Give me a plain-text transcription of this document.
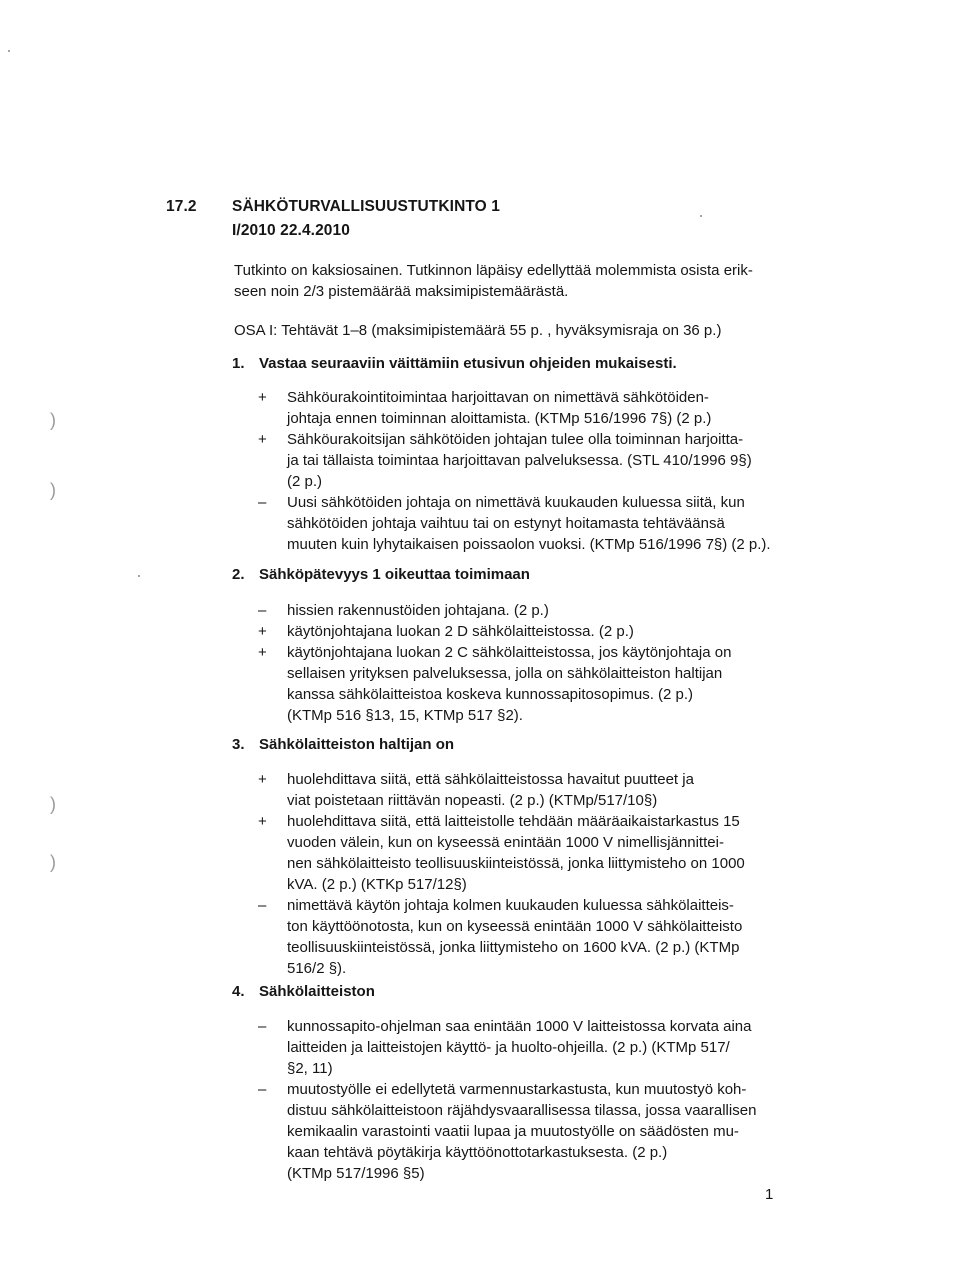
)
)
)
)
17.2 SÄHKÖTURVALLISUUSTUTKINTO 1
I/2010 22.4.2010

Tutkinto on kaksiosainen. Tutkinnon läpäisy edellyttää molemmista osista erik-

seen noin 2/3 pistemäärää maksimipistemäärästä.

OSA I: Tehtävät 1–8 (maksimipistemäärä 55 p. , hyväksymisraja on 36 p.)

1. Vastaa seuraaviin väittämiin etusivun ohjeiden mukaisesti.

+	Sähköurakointitoimintaa harjoittavan on nimettävä sähkötöiden-
johtaja ennen toiminnan aloittamista. (KTMp 516/1996 7§) (2 p.)
+	Sähköurakoitsijan sähkötöiden johtajan tulee olla toiminnan harjoitta-
ja tai tällaista toimintaa harjoittavan palveluksessa. (STL 410/1996 9§)
(2 p.)
–	Uusi sähkötöiden johtaja on nimettävä kuukauden kuluessa siitä, kun
sähkötöiden johtaja vaihtuu tai on estynyt hoitamasta tehtäväänsä
muuten kuin lyhytaikaisen poissaolon vuoksi. (KTMp 516/1996 7§) (2 p.).

2. Sähköpätevyys 1 oikeuttaa toimimaan

–	hissien rakennustöiden johtajana. (2 p.)
+	käytönjohtajana luokan 2 D sähkölaitteistossa. (2 p.)
+	käytönjohtajana luokan 2 C sähkölaitteistossa, jos käytönjohtaja on
sellaisen yrityksen palveluksessa, jolla on sähkölaitteiston haltijan
kanssa sähkölaitteistoa koskeva kunnossapitosopimus. (2 p.)
(KTMp 516 §13, 15, KTMp 517 §2).

3. Sähkölaitteiston haltijan on

+	huolehdittava siitä, että sähkölaitteistossa havaitut puutteet ja
viat poistetaan riittävän nopeasti. (2 p.) (KTMp/517/10§)
+	huolehdittava siitä, että laitteistolle tehdään määräaikaistarkastus 15
vuoden välein, kun on kyseessä enintään 1000 V nimellisjännittei-
nen sähkölaitteisto teollisuuskiinteistössä, jonka liittymisteho on 1000
kVA. (2 p.) (KTKp 517/12§)
–	nimettävä käytön johtaja kolmen kuukauden kuluessa sähkölaitteis-
ton käyttöönotosta, kun on kyseessä enintään 1000 V sähkölaitteisto
teollisuuskiinteistössä, jonka liittymisteho on 1600 kVA. (2 p.) (KTMp
516/2 §).

4. Sähkölaitteiston

–	kunnossapito-ohjelman saa enintään 1000 V laitteistossa korvata aina
laitteiden ja laitteistojen käyttö- ja huolto-ohjeilla. (2 p.) (KTMp 517/
§2, 11)
–	muutostyölle ei edellytetä varmennustarkastusta, kun muutostyö koh-
distuu sähkölaitteistoon räjähdysvaarallisessa tilassa, jossa vaarallisen
kemikaalin varastointi vaatii lupaa ja muutostyölle on säädösten mu-
kaan tehtävä pöytäkirja käyttöönottotarkastuksesta. (2 p.)
(KTMp 517/1996 §5)
1
